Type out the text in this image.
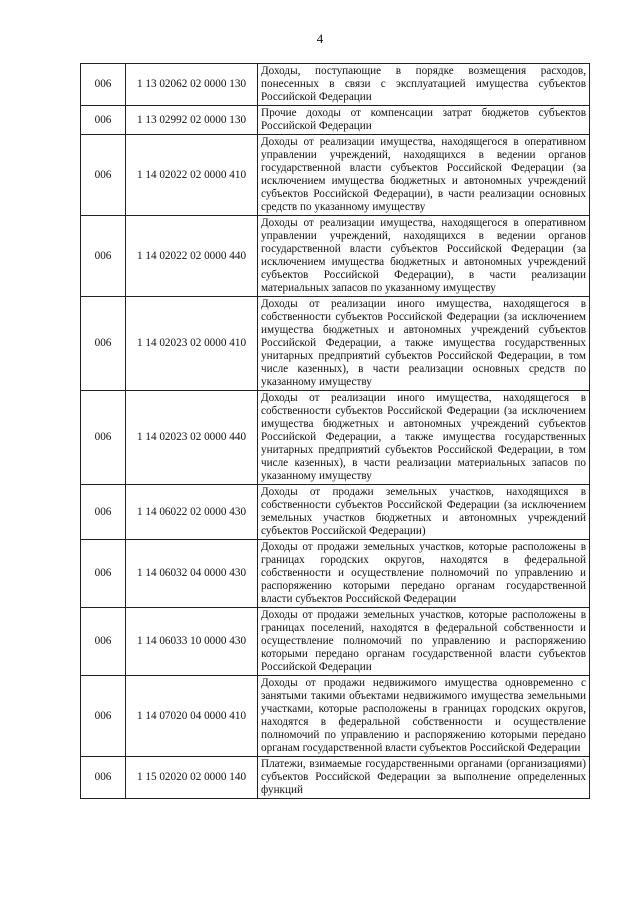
4
006	1 13 02062 02 0000 130	Доходы, поступающие в порядке возмещения расходов, понесенных в связи с эксплуатацией имущества субъектов Российской Федерации
006	1 13 02992 02 0000 130	Прочие доходы от компенсации затрат бюджетов субъектов Российской Федерации
006	1 14 02022 02 0000 410	Доходы от реализации имущества, находящегося в оперативном управлении учреждений, находящихся в ведении органов государственной власти субъектов Российской Федерации (за исключением имущества бюджетных и автономных учреждений субъектов Российской Федерации), в части реализации основных средств по указанному имуществу
006	1 14 02022 02 0000 440	Доходы от реализации имущества, находящегося в оперативном управлении учреждений, находящихся в ведении органов государственной власти субъектов Российской Федерации (за исключением имущества бюджетных и автономных учреждений субъектов Российской Федерации), в части реализации материальных запасов по указанному имуществу
006	1 14 02023 02 0000 410	Доходы от реализации иного имущества, находящегося в собственности субъектов Российской Федерации (за исключением имущества бюджетных и автономных учреждений субъектов Российской Федерации, а также имущества государственных унитарных предприятий субъектов Российской Федерации, в том числе казенных), в части реализации основных средств по указанному имуществу
006	1 14 02023 02 0000 440	Доходы от реализации иного имущества, находящегося в собственности субъектов Российской Федерации (за исключением имущества бюджетных и автономных учреждений субъектов Российской Федерации, а также имущества государственных унитарных предприятий субъектов Российской Федерации, в том числе казенных), в части реализации материальных запасов по указанному имуществу
006	1 14 06022 02 0000 430	Доходы от продажи земельных участков, находящихся в собственности субъектов Российской Федерации (за исключением земельных участков бюджетных и автономных учреждений субъектов Российской Федерации)
006	1 14 06032 04 0000 430	Доходы от продажи земельных участков, которые расположены в границах городских округов, находятся в федеральной собственности и осуществление полномочий по управлению и распоряжению которыми передано органам государственной власти субъектов Российской Федерации
006	1 14 06033 10 0000 430	Доходы от продажи земельных участков, которые расположены в границах поселений, находятся в федеральной собственности и осуществление полномочий по управлению и распоряжению которыми передано органам государственной власти субъектов Российской Федерации
006	1 14 07020 04 0000 410	Доходы от продажи недвижимого имущества одновременно с занятыми такими объектами недвижимого имущества земельными участками, которые расположены в границах городских округов, находятся в федеральной собственности и осуществление полномочий по управлению и распоряжению которыми передано органам государственной власти субъектов Российской Федерации
006	1 15 02020 02 0000 140	Платежи, взимаемые государственными органами (организациями) субъектов Российской Федерации за выполнение определенных функций
